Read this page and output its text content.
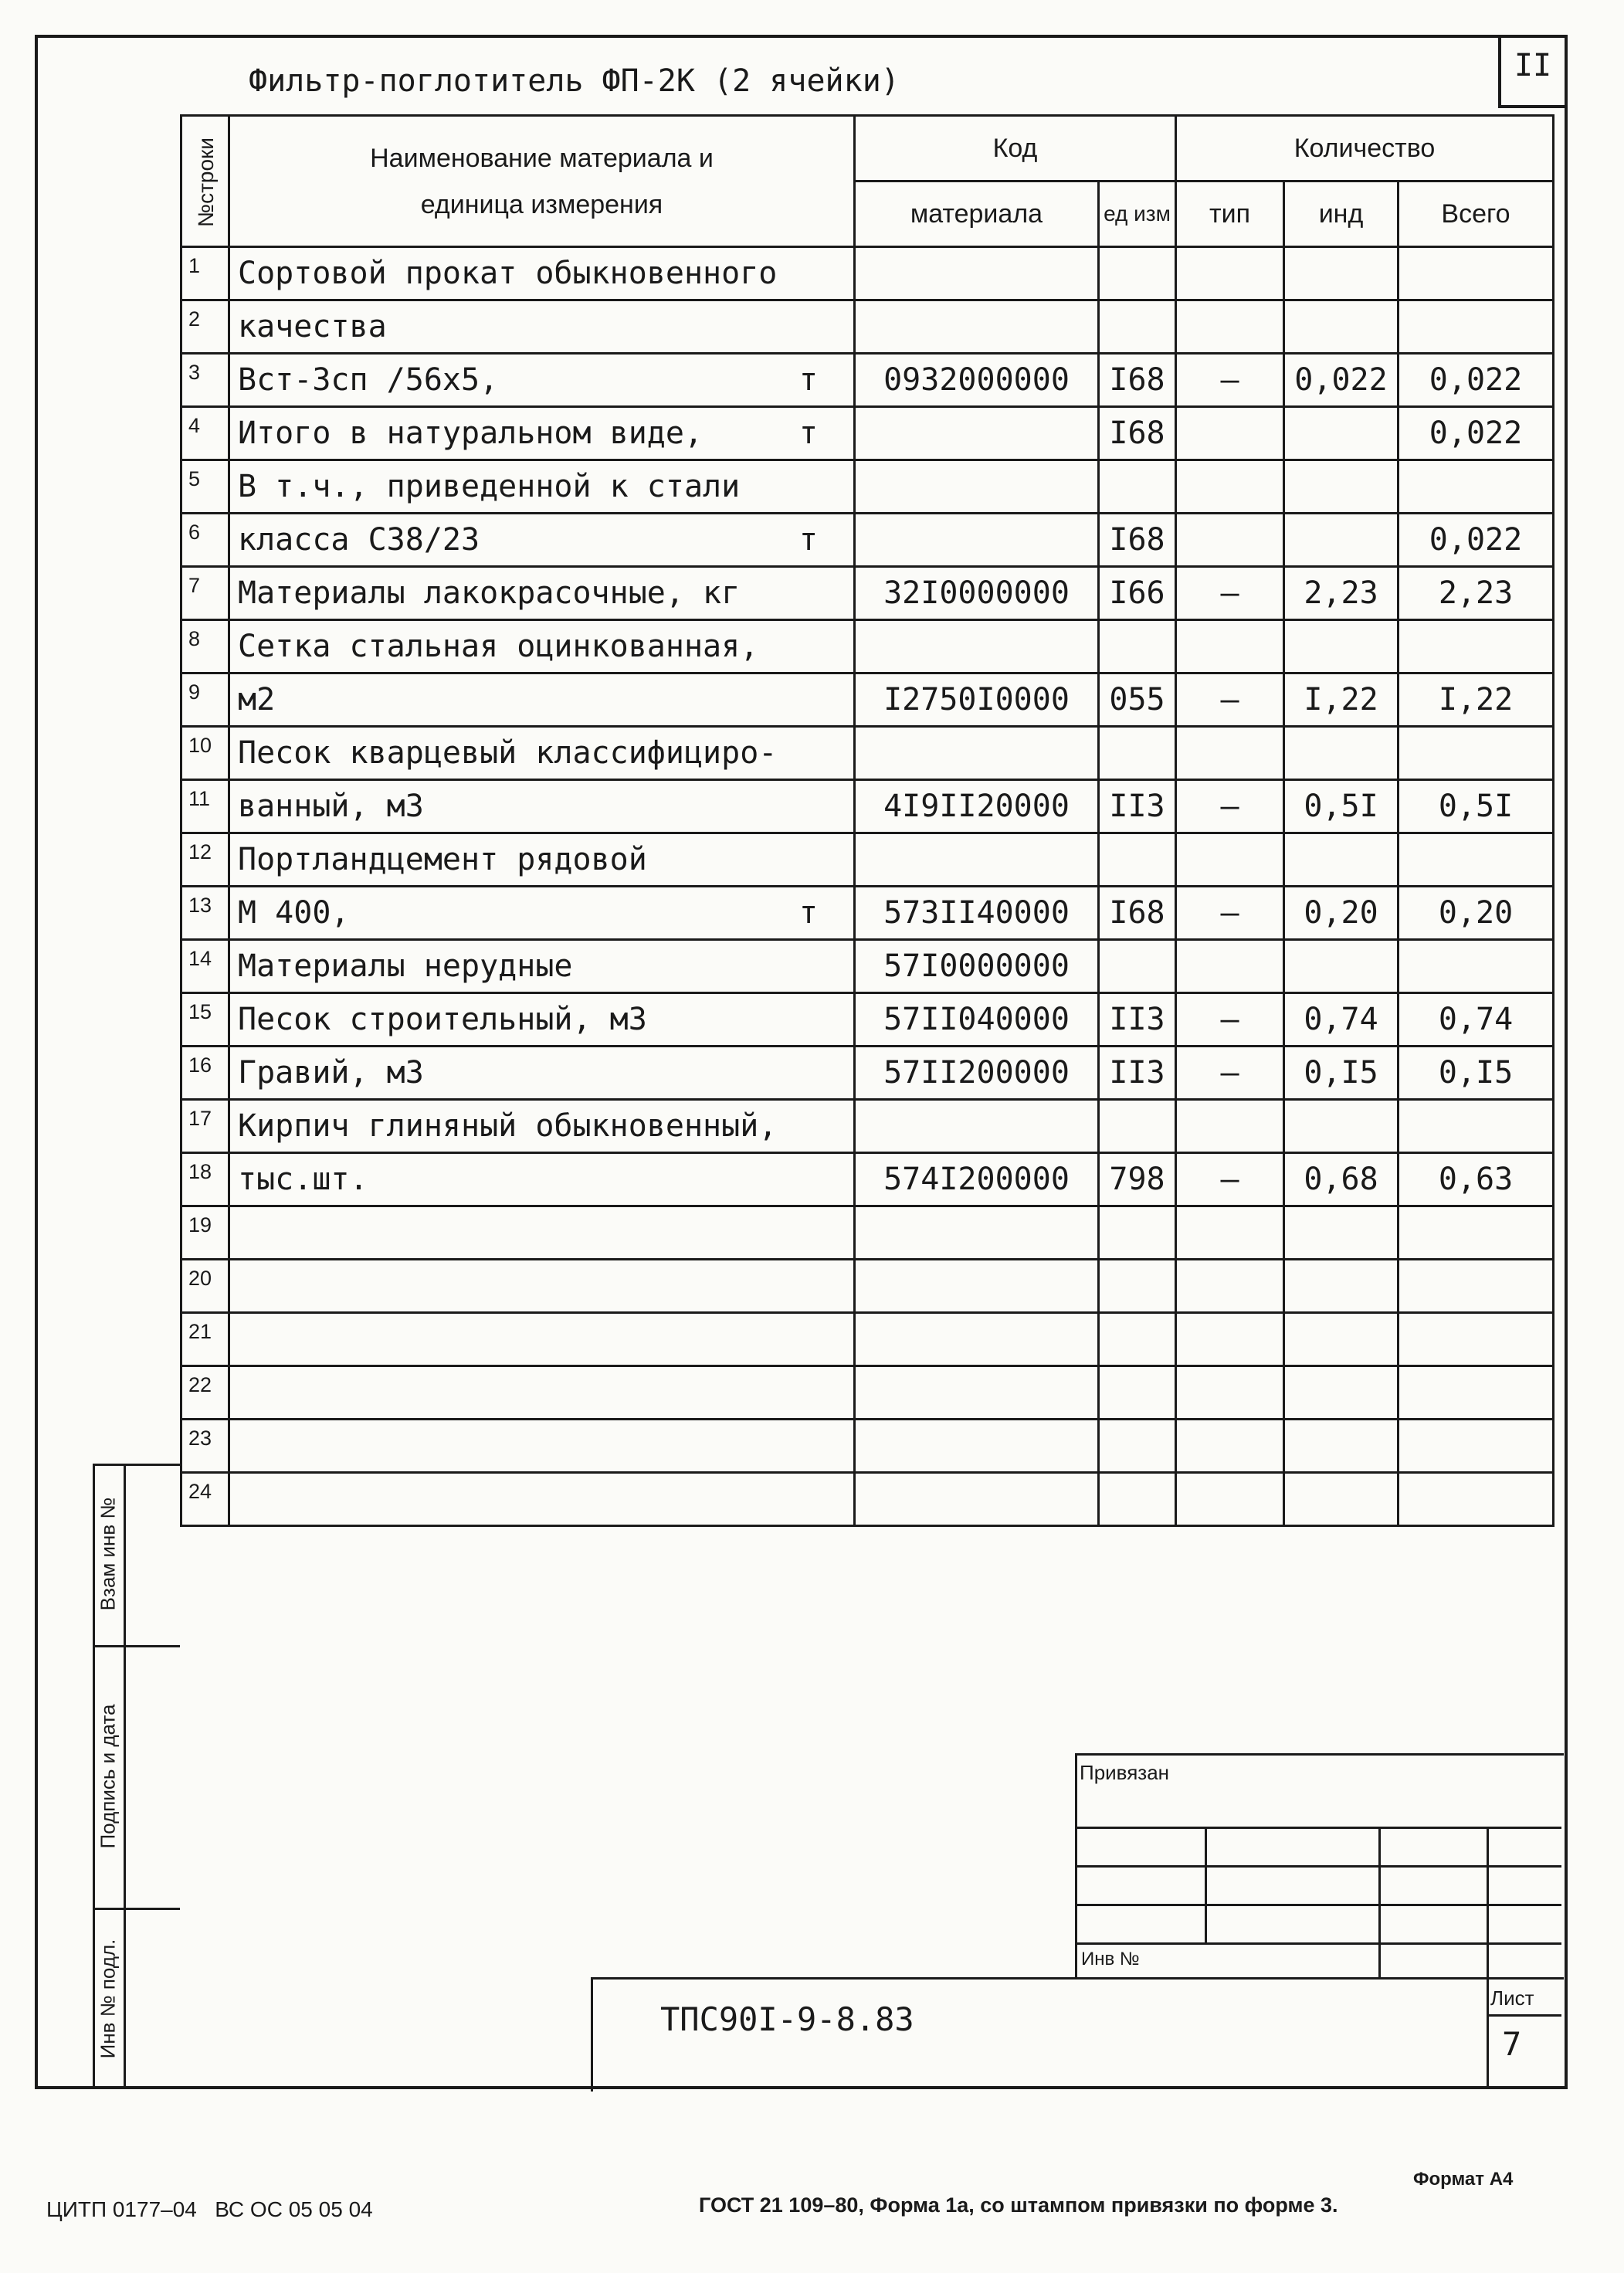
II
Фильтр-поглотитель ФП-2К (2 ячейки)
№строки	Наименование материала и единица измерения	Код		Количество		
		материала	ед изм	тип	инд	Всего
1	Сортовой прокат обыкновенного

2	качества

3	Вст-3сп /56х5, т	0932000000	I68	–	0,022	0,022
4	Итого в натуральном виде, т		I68			0,022
5	В т.ч., приведенной к стали

6	класса С38/23 т		I68			0,022
7	Материалы лакокрасочные, кг	32I0000000	I66	–	2,23	2,23
8	Сетка стальная оцинкованная,

9	м2	I2750I0000	055	–	I,22	I,22
10	Песок кварцевый классифициро-

11	ванный, м3	4I9II20000	II3	–	0,5I	0,5I
12	Портландцемент рядовой

13	М 400, т	573II40000	I68	–	0,20	0,20
14	Материалы нерудные	57I0000000				
15	Песок строительный, м3	57II040000	II3	–	0,74	0,74
16	Гравий, м3	57II200000	II3	–	0,I5	0,I5
17	Кирпич глиняный обыкновенный,

18	тыс.шт.	574I200000	798	–	0,68	0,63
19	

20	

21	

22	

23	

24	

Взам инв №
Подпись и дата
Инв № подл.
Привязан
Инв №
ТПС90I-9-8.83
Лист
7
Формат А4
ЦИТП 0177–04   ВС ОС 05 05 04	ГОСТ 21 109–80, Форма 1а, со штампом привязки по форме 3.
